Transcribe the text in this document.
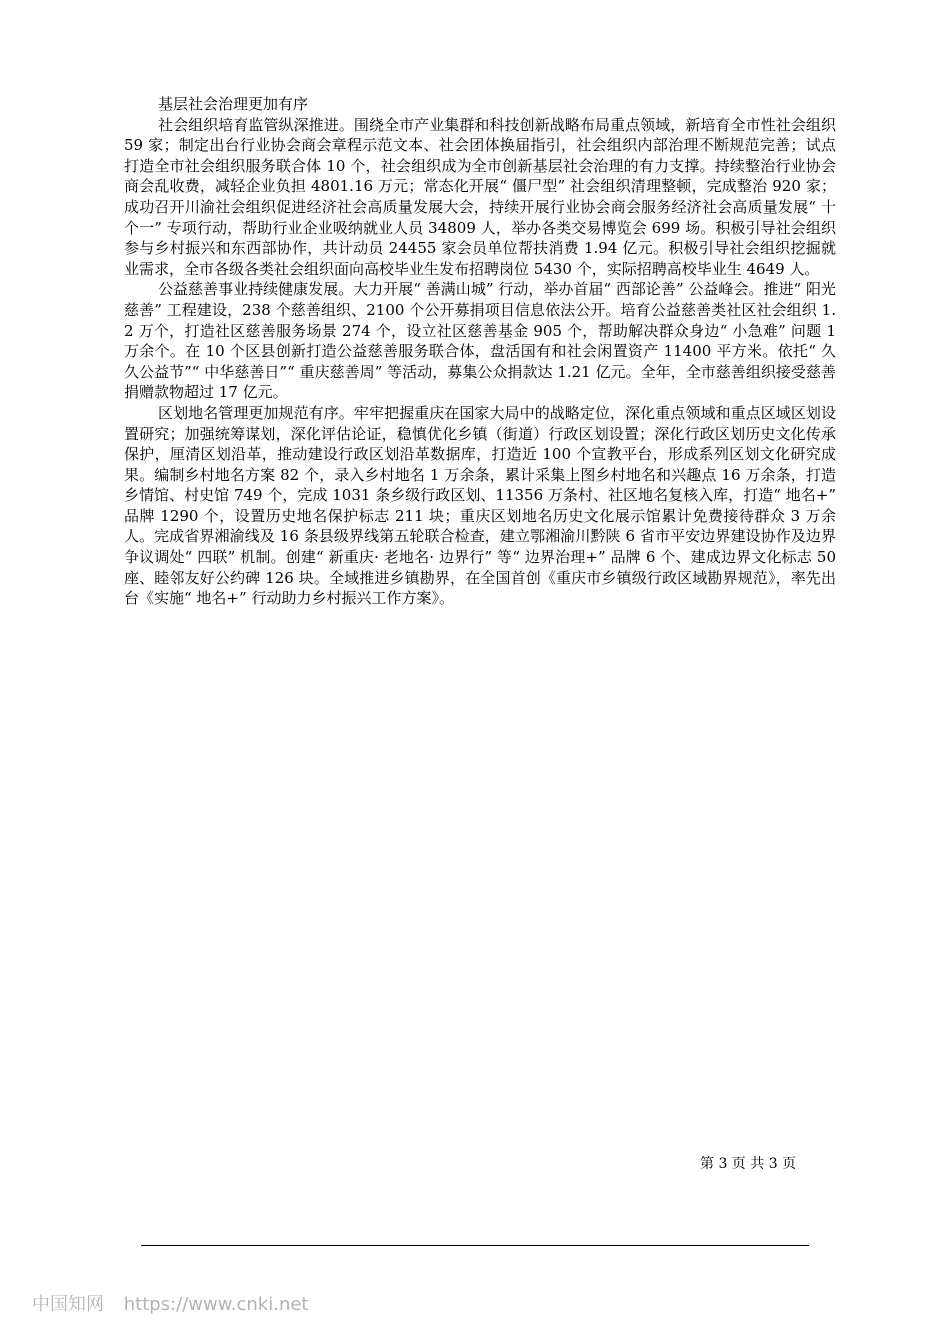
基层社会治理更加有序

社会组织培育监管纵深推进。围绕全市产业集群和科技创新战略布局重点领域，新培育全市性社会组织 59 家；制定出台行业协会商会章程示范文本、社会团体换届指引，社会组织内部治理不断规范完善；试点打造全市社会组织服务联合体 10 个，社会组织成为全市创新基层社会治理的有力支撑。持续整治行业协会商会乱收费，减轻企业负担 4801.16 万元；常态化开展“ 僵尸型” 社会组织清理整顿，完成整治 920 家；成功召开川渝社会组织促进经济社会高质量发展大会，持续开展行业协会商会服务经济社会高质量发展“ 十个一” 专项行动，帮助行业企业吸纳就业人员 34809 人，举办各类交易博览会 699 场。积极引导社会组织参与乡村振兴和东西部协作，共计动员 24455 家会员单位帮扶消费 1.94 亿元。积极引导社会组织挖掘就业需求，全市各级各类社会组织面向高校毕业生发布招聘岗位 5430 个，实际招聘高校毕业生 4649 人。

公益慈善事业持续健康发展。大力开展“ 善满山城” 行动，举办首届“ 西部论善” 公益峰会。推进“ 阳光慈善” 工程建设，238 个慈善组织、2100 个公开募捐项目信息依法公开。培育公益慈善类社区社会组织 1.2 万个，打造社区慈善服务场景 274 个，设立社区慈善基金 905 个，帮助解决群众身边“ 小急难” 问题 1 万余个。在 10 个区县创新打造公益慈善服务联合体，盘活国有和社会闲置资产 11400 平方米。依托“ 久久公益节”“ 中华慈善日”“ 重庆慈善周” 等活动，募集公众捐款达 1.21 亿元。全年，全市慈善组织接受慈善捐赠款物超过 17 亿元。

区划地名管理更加规范有序。牢牢把握重庆在国家大局中的战略定位，深化重点领域和重点区域区划设置研究；加强统筹谋划，深化评估论证，稳慎优化乡镇（街道）行政区划设置；深化行政区划历史文化传承保护，厘清区划沿革，推动建设行政区划沿革数据库，打造近 100 个宣教平台，形成系列区划文化研究成果。编制乡村地名方案 82 个，录入乡村地名 1 万余条，累计采集上图乡村地名和兴趣点 16 万余条，打造乡情馆、村史馆 749 个，完成 1031 条乡级行政区划、11356 万条村、社区地名复核入库，打造“ 地名+” 品牌 1290 个，设置历史地名保护标志 211 块；重庆区划地名历史文化展示馆累计免费接待群众 3 万余人。完成省界湘渝线及 16 条县级界线第五轮联合检查，建立鄂湘渝川黔陕 6 省市平安边界建设协作及边界争议调处“ 四联” 机制。创建“ 新重庆· 老地名· 边界行” 等“ 边界治理+” 品牌 6 个、建成边界文化标志 50 座、睦邻友好公约碑 126 块。全域推进乡镇勘界，在全国首创《重庆市乡镇级行政区域勘界规范》，率先出台《实施“ 地名+” 行动助力乡村振兴工作方案》。

第 3 页 共 3 页
中国知网 https://www.cnki.net
